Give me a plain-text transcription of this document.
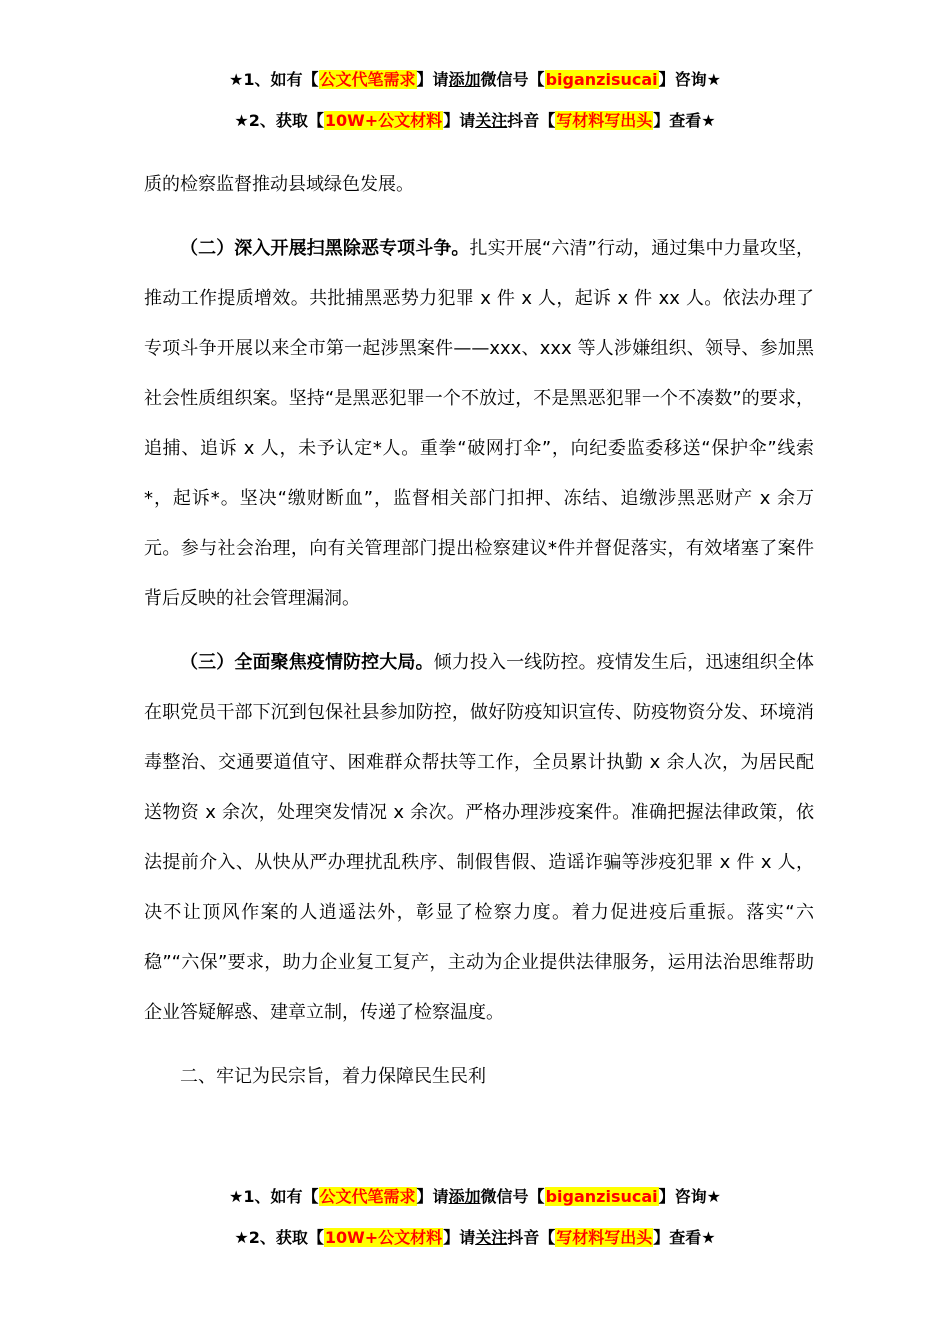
★1、如有【公文代笔需求】请添加微信号【biganzisucai】咨询★
★2、获取【10W+公文材料】请关注抖音【写材料写出头】查看★

质的检察监督推动县域绿色发展。

（二）深入开展扫黑除恶专项斗争。扎实开展“六清”行动，通过集中力量攻坚，推动工作提质增效。共批捕黑恶势力犯罪 x 件 x 人，起诉 x 件 xx 人。依法办理了专项斗争开展以来全市第一起涉黑案件——xxx、xxx 等人涉嫌组织、领导、参加黑社会性质组织案。坚持“是黑恶犯罪一个不放过，不是黑恶犯罪一个不凑数”的要求，追捕、追诉 x 人，未予认定*人。重拳“破网打伞”，向纪委监委移送“保护伞”线索*，起诉*。坚决“缴财断血”，监督相关部门扣押、冻结、追缴涉黑恶财产 x 余万元。参与社会治理，向有关管理部门提出检察建议*件并督促落实，有效堵塞了案件背后反映的社会管理漏洞。

（三）全面聚焦疫情防控大局。倾力投入一线防控。疫情发生后，迅速组织全体在职党员干部下沉到包保社县参加防控，做好防疫知识宣传、防疫物资分发、环境消毒整治、交通要道值守、困难群众帮扶等工作，全员累计执勤 x 余人次，为居民配送物资 x 余次，处理突发情况 x 余次。严格办理涉疫案件。准确把握法律政策，依法提前介入、从快从严办理扰乱秩序、制假售假、造谣诈骗等涉疫犯罪 x 件 x 人，决不让顶风作案的人逍遥法外，彰显了检察力度。着力促进疫后重振。落实“六稳”“六保”要求，助力企业复工复产，主动为企业提供法律服务，运用法治思维帮助企业答疑解惑、建章立制，传递了检察温度。

二、牢记为民宗旨，着力保障民生民利

★1、如有【公文代笔需求】请添加微信号【biganzisucai】咨询★
★2、获取【10W+公文材料】请关注抖音【写材料写出头】查看★
